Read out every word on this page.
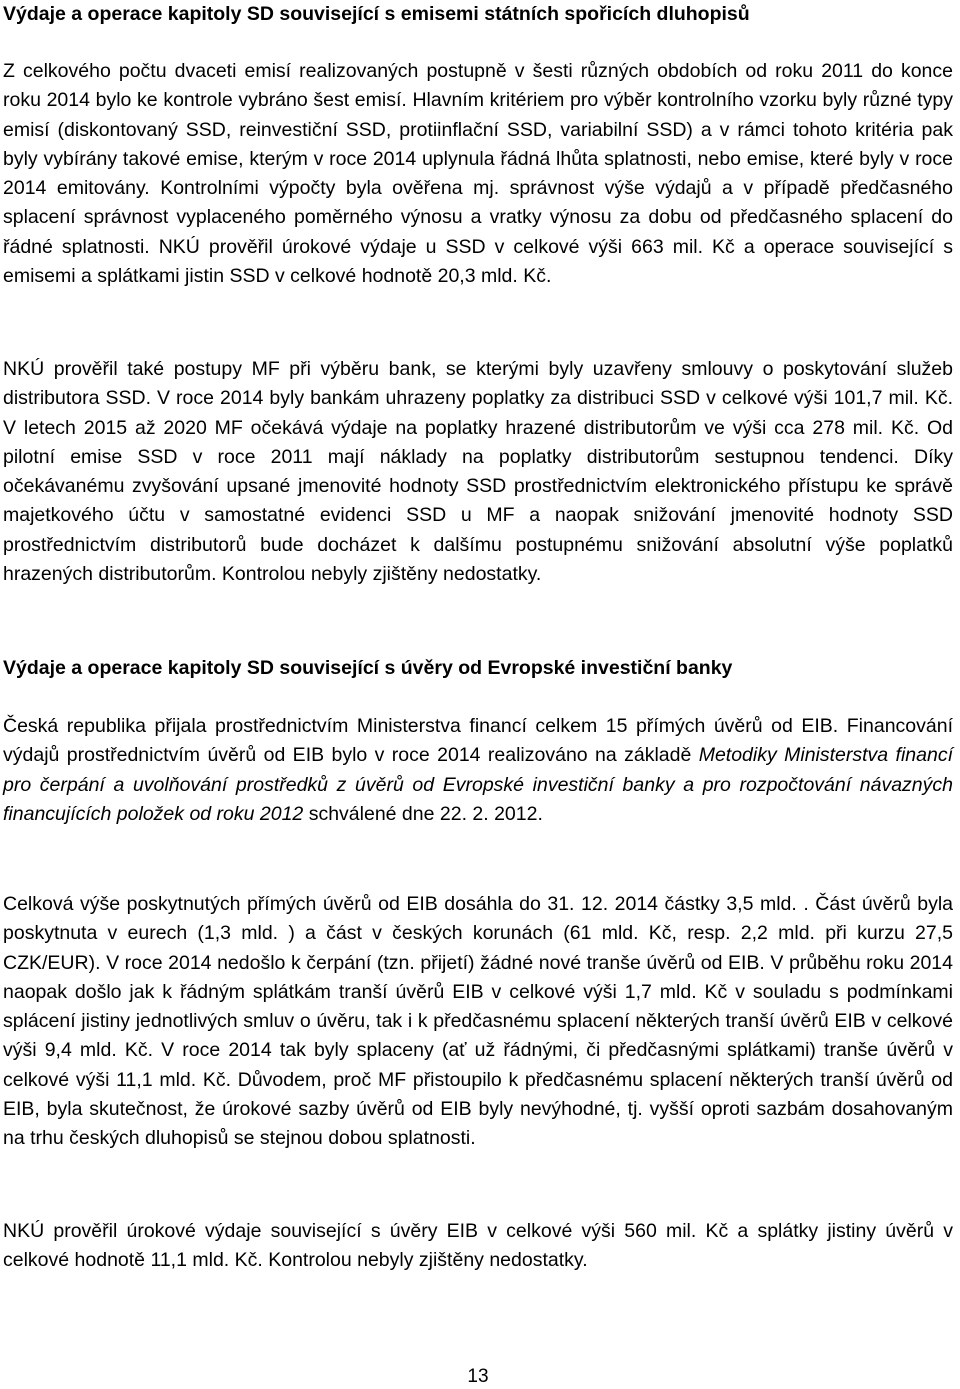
Výdaje a operace kapitoly SD související s emisemi státních spořicích dluhopisů

Z celkového počtu dvaceti emisí realizovaných postupně v šesti různých obdobích od roku 2011 do konce roku 2014 bylo ke kontrole vybráno šest emisí. Hlavním kritériem pro výběr kontrolního vzorku byly různé typy emisí (diskontovaný SSD, reinvestiční SSD, protiinflační SSD, variabilní SSD) a v rámci tohoto kritéria pak byly vybírány takové emise, kterým v roce 2014 uplynula řádná lhůta splatnosti, nebo emise, které byly v roce 2014 emitovány. Kontrolními výpočty byla ověřena mj. správnost výše výdajů a v případě předčasného splacení správnost vyplaceného poměrného výnosu a vratky výnosu za dobu od předčasného splacení do řádné splatnosti. NKÚ prověřil úrokové výdaje u SSD v celkové výši 663 mil. Kč a operace související s emisemi a splátkami jistin SSD v celkové hodnotě 20,3 mld. Kč.

NKÚ prověřil také postupy MF při výběru bank, se kterými byly uzavřeny smlouvy o poskytování služeb distributora SSD. V roce 2014 byly bankám uhrazeny poplatky za distribuci SSD v celkové výši 101,7 mil. Kč. V letech 2015 až 2020 MF očekává výdaje na poplatky hrazené distributorům ve výši cca 278 mil. Kč. Od pilotní emise SSD v roce 2011 mají náklady na poplatky distributorům sestupnou tendenci. Díky očekávanému zvyšování upsané jmenovité hodnoty SSD prostřednictvím elektronického přístupu ke správě majetkového účtu v samostatné evidenci SSD u MF a naopak snižování jmenovité hodnoty SSD prostřednictvím distributorů bude docházet k dalšímu postupnému snižování absolutní výše poplatků hrazených distributorům. Kontrolou nebyly zjištěny nedostatky.

Výdaje a operace kapitoly SD související s úvěry od Evropské investiční banky

Česká republika přijala prostřednictvím Ministerstva financí celkem 15 přímých úvěrů od EIB. Financování výdajů prostřednictvím úvěrů od EIB bylo v roce 2014 realizováno na základě Metodiky Ministerstva financí pro čerpání a uvolňování prostředků z úvěrů od Evropské investiční banky a pro rozpočtování návazných financujících položek od roku 2012 schválené dne 22. 2. 2012.

Celková výše poskytnutých přímých úvěrů od EIB dosáhla do 31. 12. 2014 částky 3,5 mld. . Část úvěrů byla poskytnuta v eurech (1,3 mld. ) a část v českých korunách (61 mld. Kč, resp. 2,2 mld. při kurzu 27,5 CZK/EUR). V roce 2014 nedošlo k čerpání (tzn. přijetí) žádné nové tranše úvěrů od EIB. V průběhu roku 2014 naopak došlo jak k řádným splátkám tranší úvěrů EIB v celkové výši 1,7 mld. Kč v souladu s podmínkami splácení jistiny jednotlivých smluv o úvěru, tak i k předčasnému splacení některých tranší úvěrů EIB v celkové výši 9,4 mld. Kč. V roce 2014 tak byly splaceny (ať už řádnými, či předčasnými splátkami) tranše úvěrů v celkové výši 11,1 mld. Kč. Důvodem, proč MF přistoupilo k předčasnému splacení některých tranší úvěrů od EIB, byla skutečnost, že úrokové sazby úvěrů od EIB byly nevýhodné, tj. vyšší oproti sazbám dosahovaným na trhu českých dluhopisů se stejnou dobou splatnosti.

NKÚ prověřil úrokové výdaje související s úvěry EIB v celkové výši 560 mil. Kč a splátky jistiny úvěrů v celkové hodnotě 11,1 mld. Kč. Kontrolou nebyly zjištěny nedostatky.

13
